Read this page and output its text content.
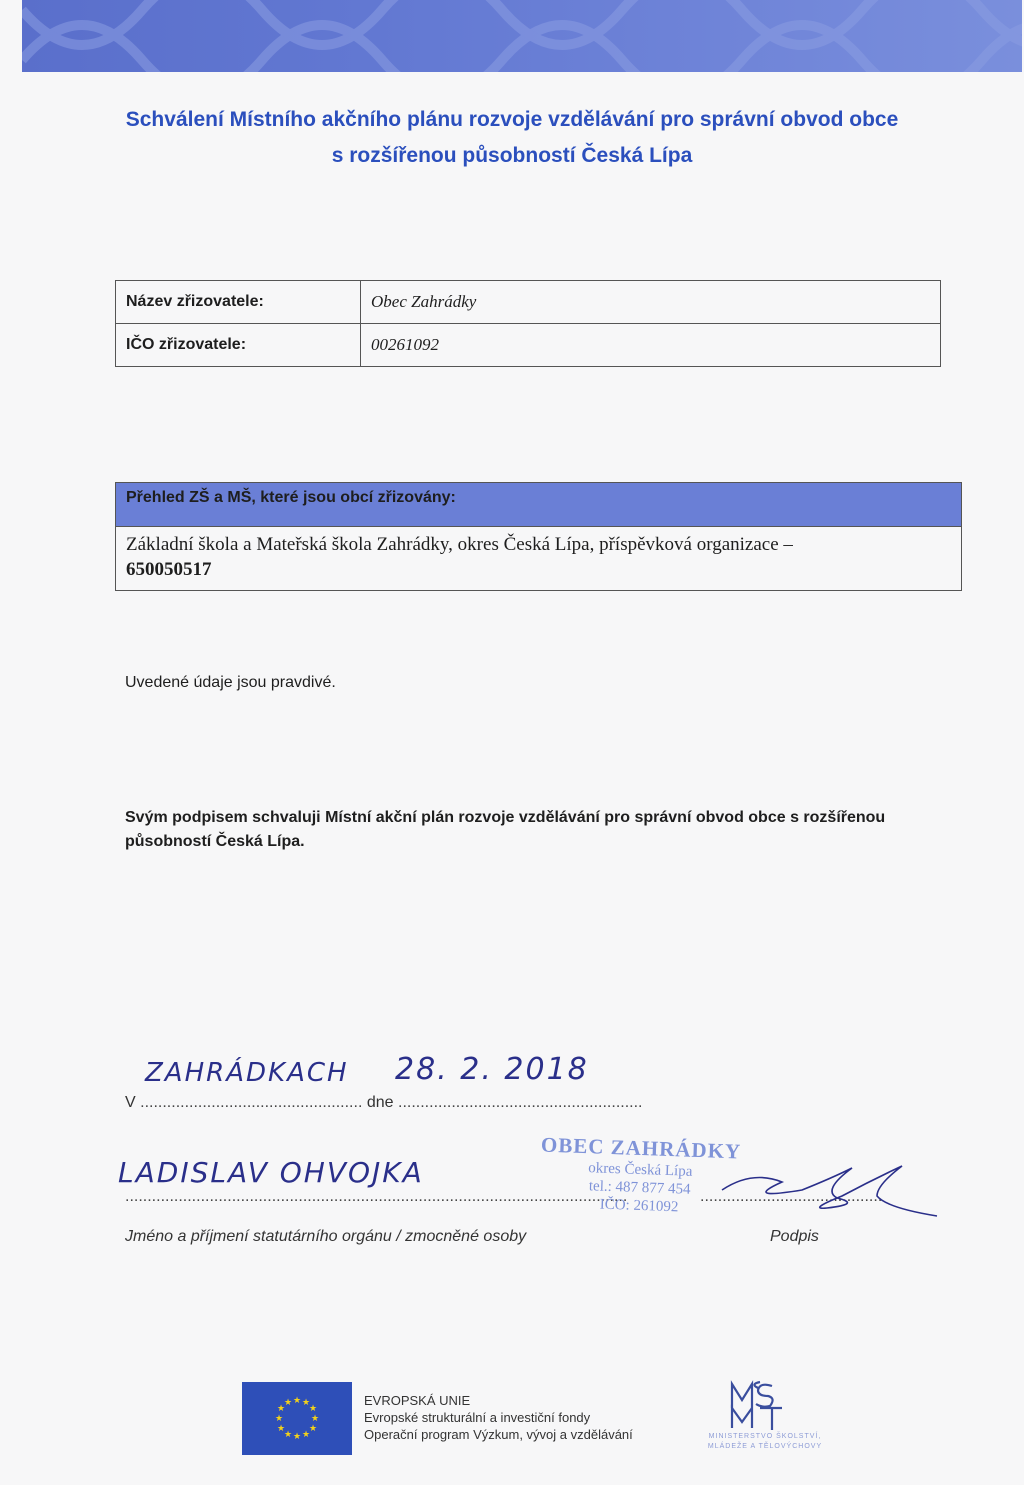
Schválení Místního akčního plánu rozvoje vzdělávání pro správní obvod obce
s rozšířenou působností Česká Lípa
Název zřizovatele:	Obec Zahrádky
IČO zřizovatele:	00261092
Přehled ZŠ a MŠ, které jsou obcí zřizovány:
Základní škola a Mateřská škola Zahrádky, okres Česká Lípa, příspěvková organizace –
650050517
Uvedené údaje jsou pravdivé.
Svým podpisem schvaluji Místní akční plán rozvoje vzdělávání pro správní obvod obce s rozšířenou působností Česká Lípa.
V .................................................. dne .......................................................
ZAHRÁDKACH 28. 2. 2018
LADISLAV OHVOJKA
.................................................................................................................	.........................................
OBEC ZAHRÁDKY
okres Česká Lípa
tel.: 487 877 454
IČO: 261092
Jméno a příjmení statutárního orgánu / zmocněné osoby	Podpis
★ ★
★
★
★
★
★
★
★
★
★
★	EVROPSKÁ UNIE
Evropské strukturální a investiční fondy
Operační program Výzkum, vývoj a vzdělávání	MINISTERSTVO ŠKOLSTVÍ,
MLÁDEŽE A TĚLOVÝCHOVY
